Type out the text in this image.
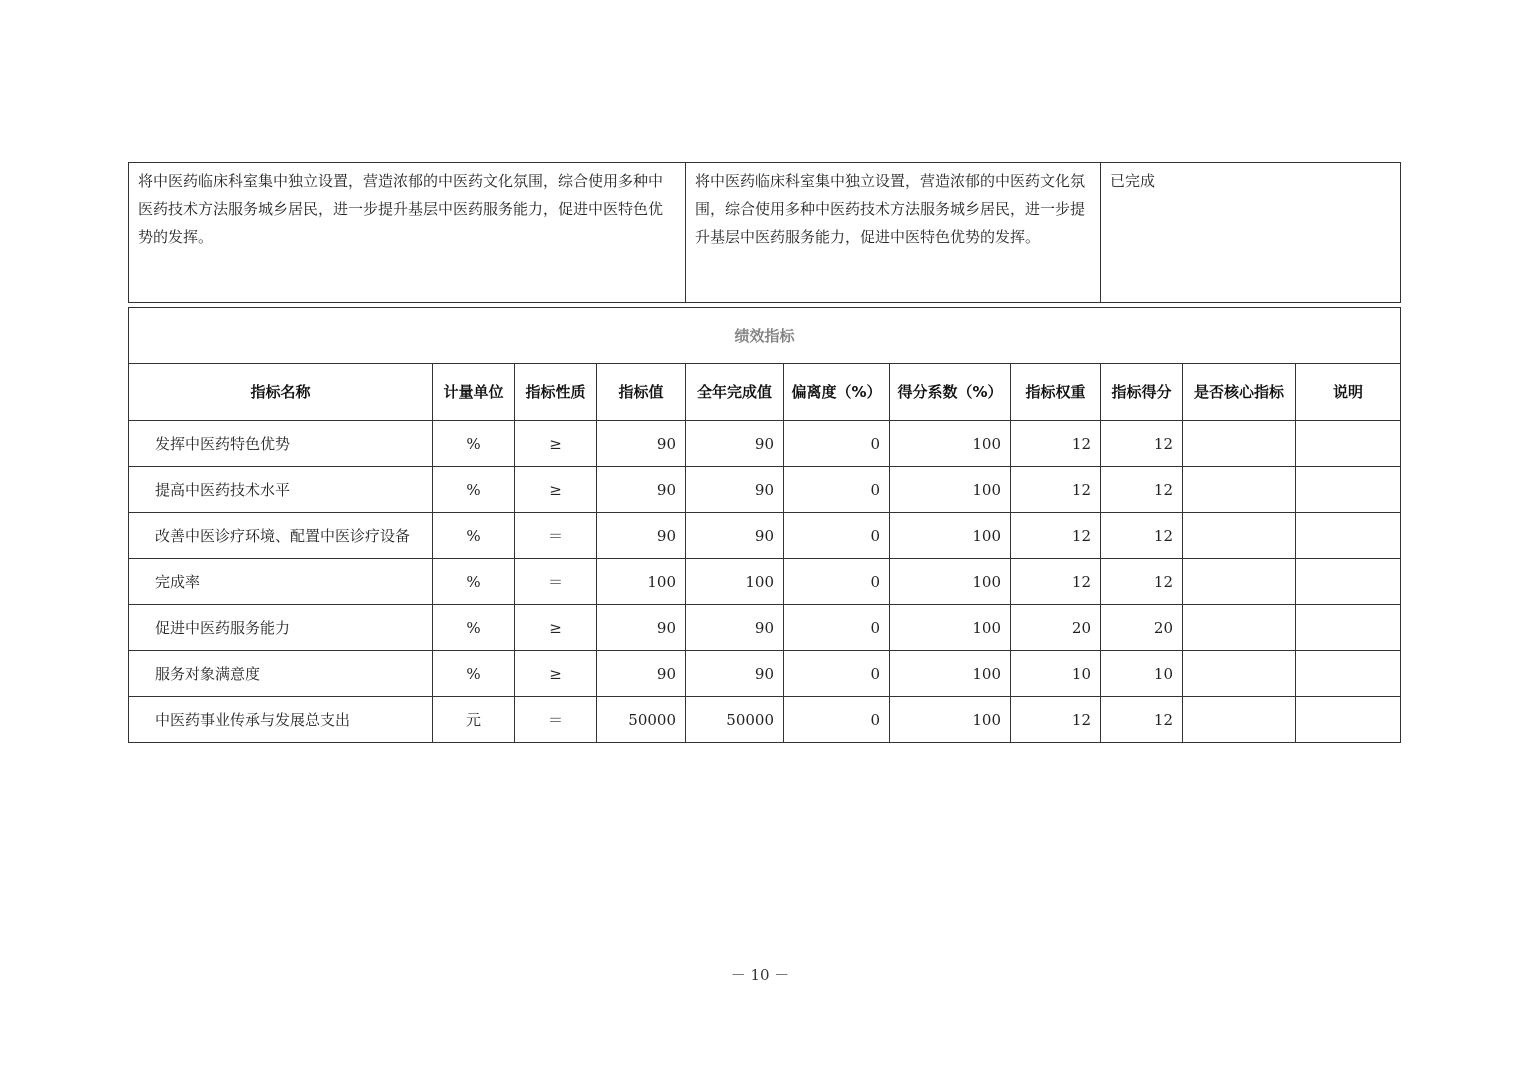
将中医药临床科室集中独立设置，营造浓郁的中医药文化氛围，综合使用多种中医药技术方法服务城乡居民，进一步提升基层中医药服务能力，促进中医特色优势的发挥。	将中医药临床科室集中独立设置，营造浓郁的中医药文化氛围，综合使用多种中医药技术方法服务城乡居民，进一步提升基层中医药服务能力，促进中医特色优势的发挥。	已完成
绩效指标										
指标名称	计量单位	指标性质	指标值	全年完成值	偏离度（%）	得分系数（%）	指标权重	指标得分	是否核心指标	说明
发挥中医药特色优势	%	≥	90	90	0	100	12	12		
提高中医药技术水平	%	≥	90	90	0	100	12	12		
改善中医诊疗环境、配置中医诊疗设备	%	＝	90	90	0	100	12	12		
完成率	%	＝	100	100	0	100	12	12		
促进中医药服务能力	%	≥	90	90	0	100	20	20		
服务对象满意度	%	≥	90	90	0	100	10	10		
中医药事业传承与发展总支出	元	＝	50000	50000	0	100	12	12		
－ 10 －
